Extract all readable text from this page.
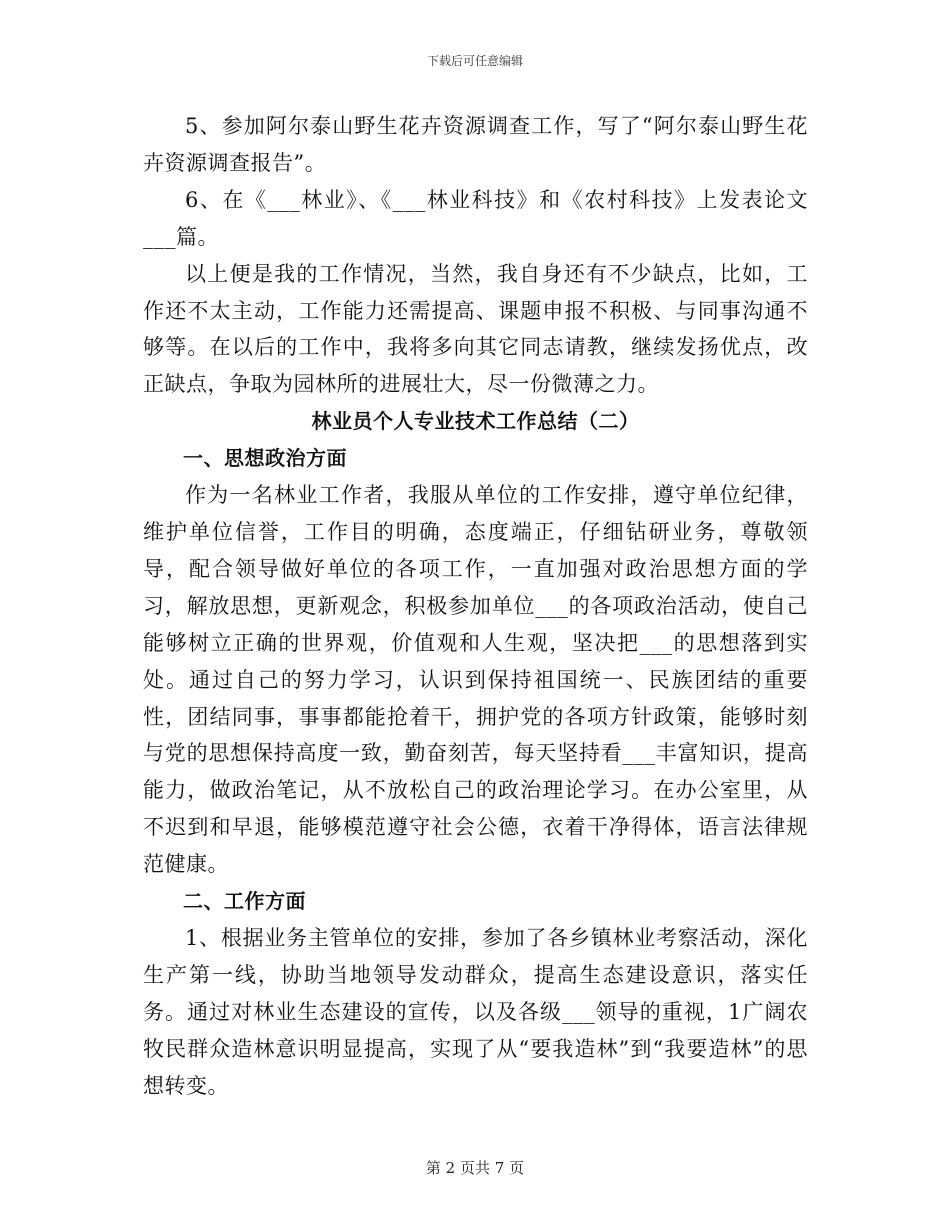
下载后可任意编辑

5、参加阿尔泰山野生花卉资源调查工作，写了“阿尔泰山野生花卉资源调查报告”。

6、在《___林业》、《___林业科技》和《农村科技》上发表论文___篇。

以上便是我的工作情况，当然，我自身还有不少缺点，比如，工作还不太主动，工作能力还需提高、课题申报不积极、与同事沟通不够等。在以后的工作中，我将多向其它同志请教，继续发扬优点，改正缺点，争取为园林所的进展壮大，尽一份微薄之力。

林业员个人专业技术工作总结（二）

一、思想政治方面

作为一名林业工作者，我服从单位的工作安排，遵守单位纪律，维护单位信誉，工作目的明确，态度端正，仔细钻研业务，尊敬领导，配合领导做好单位的各项工作，一直加强对政治思想方面的学习，解放思想，更新观念，积极参加单位___的各项政治活动，使自己能够树立正确的世界观，价值观和人生观，坚决把___的思想落到实处。通过自己的努力学习，认识到保持祖国统一、民族团结的重要性，团结同事，事事都能抢着干，拥护党的各项方针政策，能够时刻与党的思想保持高度一致，勤奋刻苦，每天坚持看___丰富知识，提高能力，做政治笔记，从不放松自己的政治理论学习。在办公室里，从不迟到和早退，能够模范遵守社会公德，衣着干净得体，语言法律规范健康。

二、工作方面

1、根据业务主管单位的安排，参加了各乡镇林业考察活动，深化生产第一线，协助当地领导发动群众，提高生态建设意识，落实任务。通过对林业生态建设的宣传，以及各级___领导的重视，1广阔农牧民群众造林意识明显提高，实现了从“要我造林”到“我要造林”的思想转变。

第 2 页共 7 页
